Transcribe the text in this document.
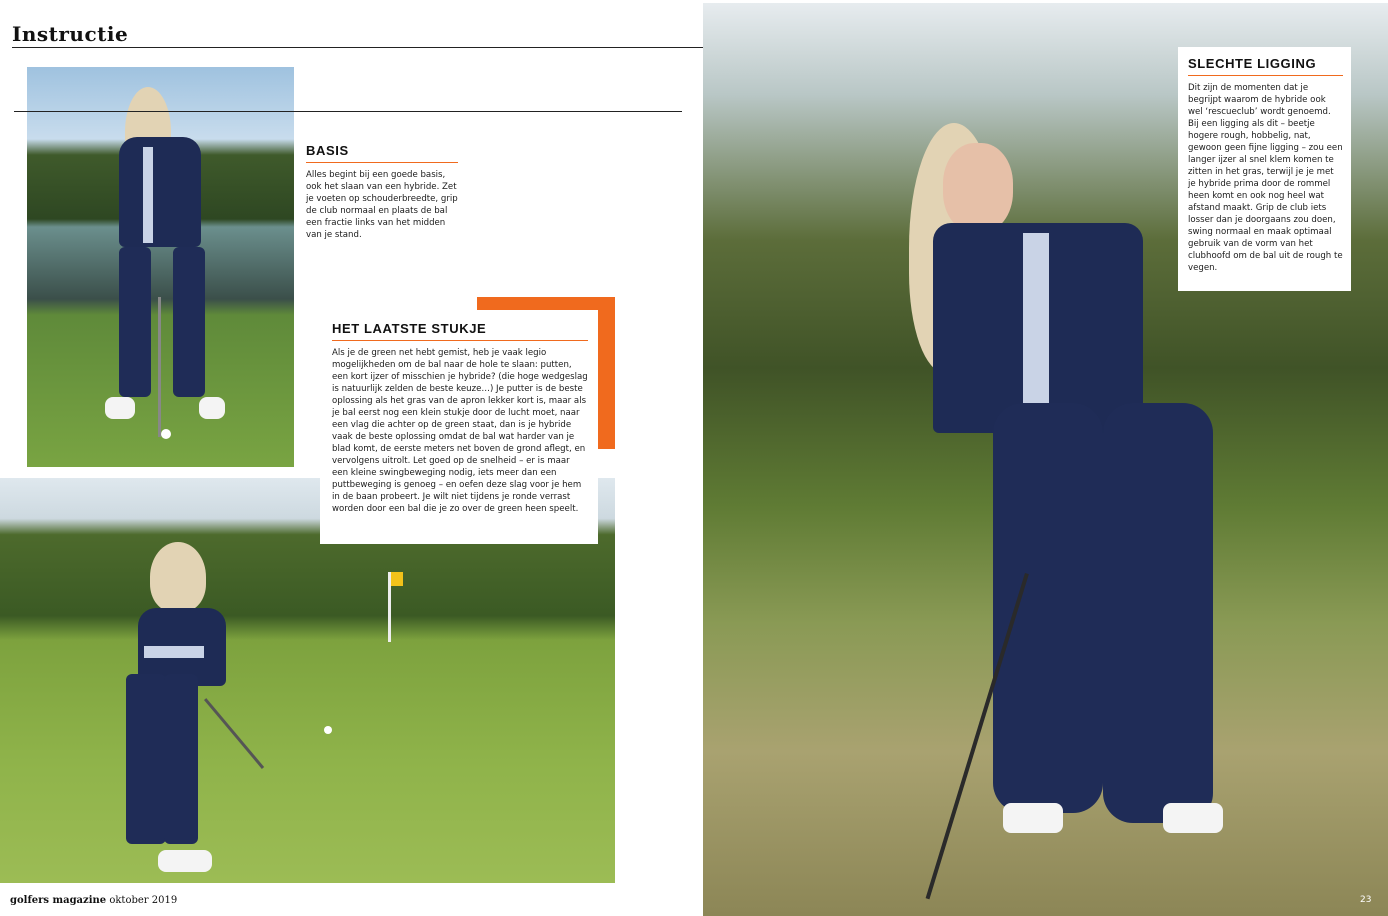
Instructie
BASIS
Alles begint bij een goede basis, ook het slaan van een hybride. Zet je voeten op schouderbreedte, grip de club normaal en plaats de bal een fractie links van het midden van je stand.
HET LAATSTE STUKJE
Als je de green net hebt gemist, heb je vaak legio mogelijkheden om de bal naar de hole te slaan: putten, een kort ijzer of misschien je hybride? (die hoge wedgeslag is natuurlijk zelden de beste keuze…) Je putter is de beste oplossing als het gras van de apron lekker kort is, maar als je bal eerst nog een klein stukje door de lucht moet, naar een vlag die achter op de green staat, dan is je hybride vaak de beste oplossing omdat de bal wat harder van je blad komt, de eerste meters net boven de grond aflegt, en vervolgens uitrolt. Let goed op de snelheid – er is maar een kleine swingbeweging nodig, iets meer dan een puttbeweging is genoeg – en oefen deze slag voor je hem in de baan probeert. Je wilt niet tijdens je ronde verrast worden door een bal die je zo over de green heen speelt.
SLECHTE LIGGING
Dit zijn de momenten dat je begrijpt waarom de hybride ook wel ‘rescueclub’ wordt genoemd. Bij een ligging als dit – beetje hogere rough, hobbelig, nat, gewoon geen fijne ligging – zou een langer ijzer al snel klem komen te zitten in het gras, terwijl je je met je hybride prima door de rommel heen komt en ook nog heel wat afstand maakt. Grip de club iets losser dan je doorgaans zou doen, swing normaal en maak optimaal gebruik van de vorm van het clubhoofd om de bal uit de rough te vegen.
golfers magazine oktober 2019	23
